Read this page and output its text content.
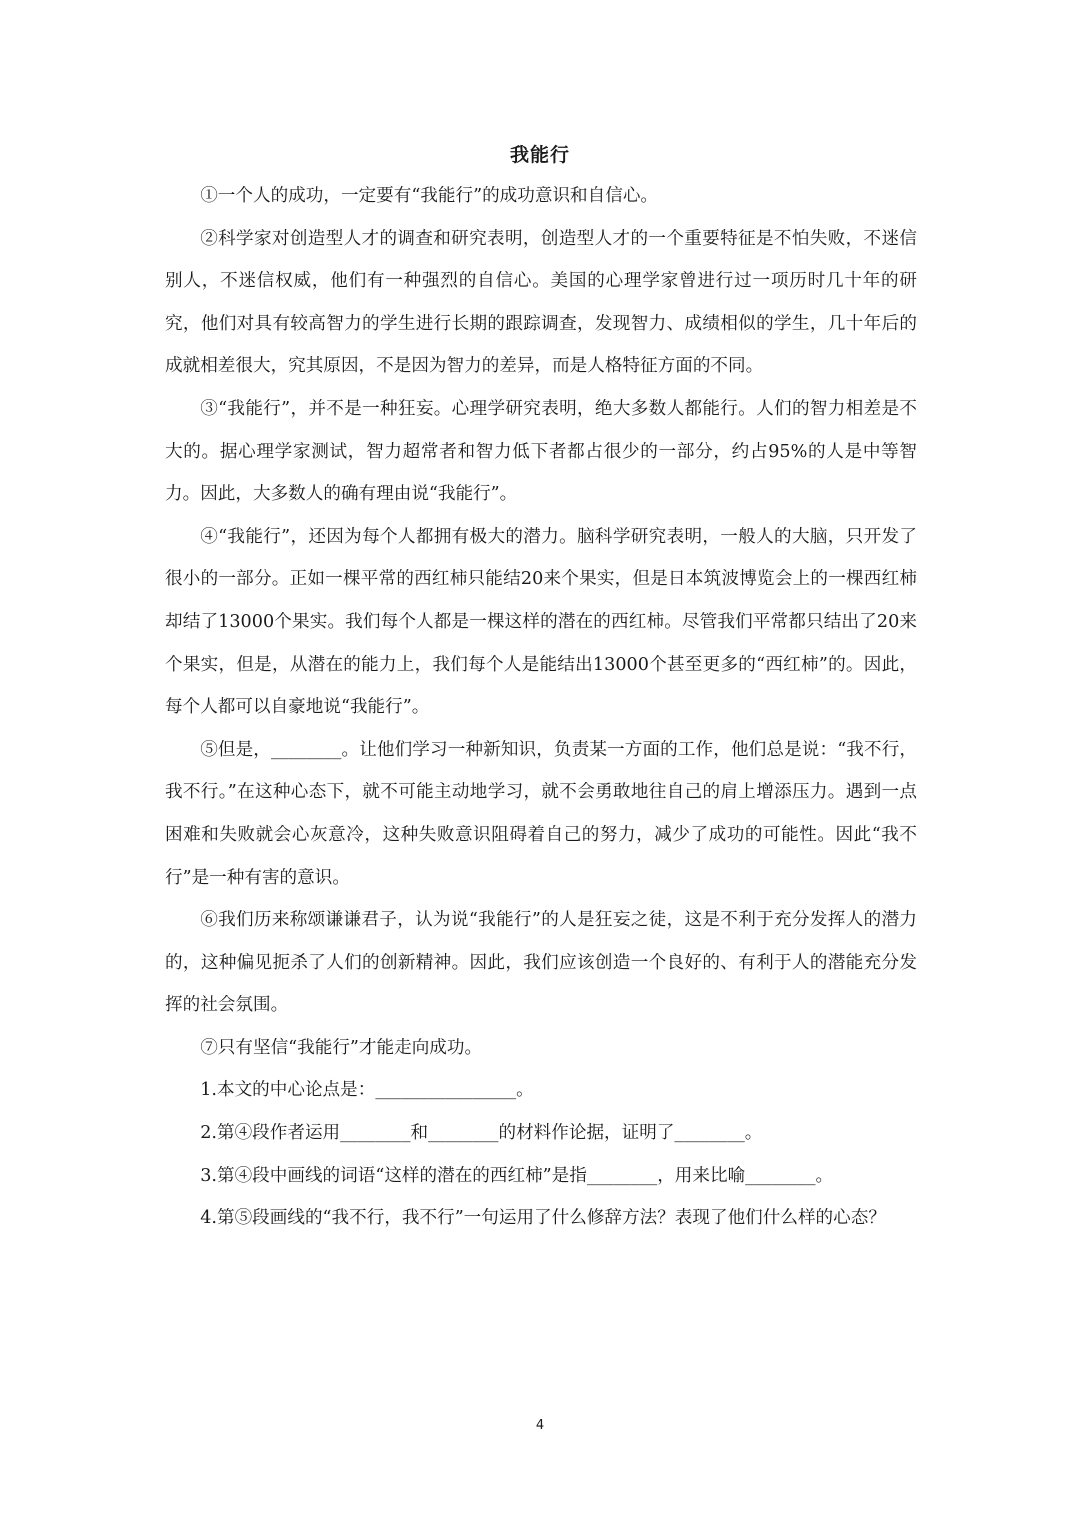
我能行

①一个人的成功，一定要有“我能行”的成功意识和自信心。

②科学家对创造型人才的调查和研究表明，创造型人才的一个重要特征是不怕失败，不迷信别人，不迷信权威，他们有一种强烈的自信心。美国的心理学家曾进行过一项历时几十年的研究，他们对具有较高智力的学生进行长期的跟踪调查，发现智力、成绩相似的学生，几十年后的成就相差很大，究其原因，不是因为智力的差异，而是人格特征方面的不同。

③“我能行”，并不是一种狂妄。心理学研究表明，绝大多数人都能行。人们的智力相差是不大的。据心理学家测试，智力超常者和智力低下者都占很少的一部分，约占95%的人是中等智力。因此，大多数人的确有理由说“我能行”。

④“我能行”，还因为每个人都拥有极大的潜力。脑科学研究表明，一般人的大脑，只开发了很小的一部分。正如一棵平常的西红柿只能结20来个果实，但是日本筑波博览会上的一棵西红柿却结了13000个果实。我们每个人都是一棵这样的潜在的西红柿。尽管我们平常都只结出了20来个果实，但是，从潜在的能力上，我们每个人是能结出13000个甚至更多的“西红柿”的。因此，每个人都可以自豪地说“我能行”。

⑤但是，________。让他们学习一种新知识，负责某一方面的工作，他们总是说：“我不行，我不行。”在这种心态下，就不可能主动地学习，就不会勇敢地往自己的肩上增添压力。遇到一点困难和失败就会心灰意冷，这种失败意识阻碍着自己的努力，减少了成功的可能性。因此“我不行”是一种有害的意识。

⑥我们历来称颂谦谦君子，认为说“我能行”的人是狂妄之徒，这是不利于充分发挥人的潜力的，这种偏见扼杀了人们的创新精神。因此，我们应该创造一个良好的、有利于人的潜能充分发挥的社会氛围。

⑦只有坚信“我能行”才能走向成功。

1.本文的中心论点是：________________。

2.第④段作者运用________和________的材料作论据，证明了________。

3.第④段中画线的词语“这样的潜在的西红柿”是指________，用来比喻________。

4.第⑤段画线的“我不行，我不行”一句运用了什么修辞方法？表现了他们什么样的心态？

4
